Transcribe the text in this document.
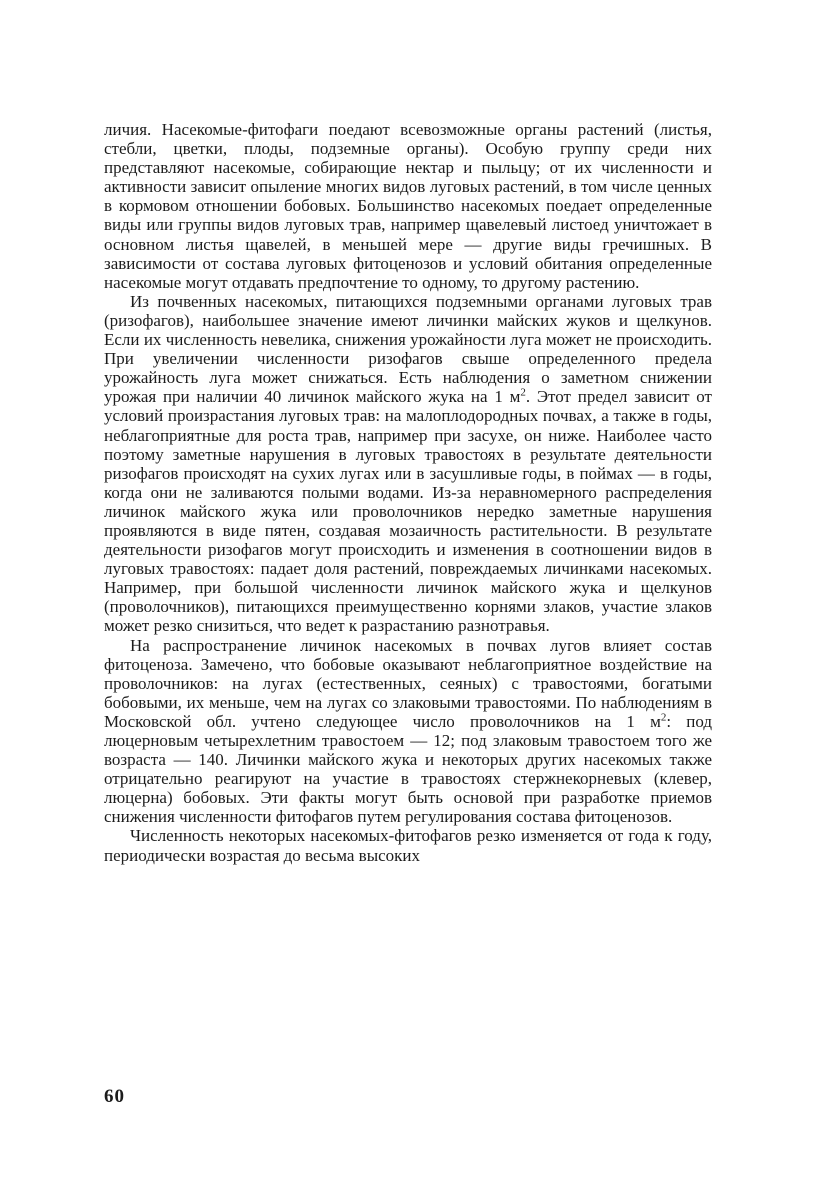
личия. Насекомые-фитофаги поедают всевозможные органы растений (листья, стебли, цветки, плоды, подземные органы). Особую группу среди них представляют насекомые, собирающие нектар и пыльцу; от их численности и активности зависит опыление многих видов луговых растений, в том числе ценных в кормовом отношении бобовых. Большинство насекомых поедает определенные виды или группы видов луговых трав, например щавелевый листоед уничтожает в основном листья щавелей, в меньшей мере — другие виды гречишных. В зависимости от состава луговых фитоценозов и условий обитания определенные насекомые могут отдавать предпочтение то одному, то другому растению.

Из почвенных насекомых, питающихся подземными органами луговых трав (ризофагов), наибольшее значение имеют личинки майских жуков и щелкунов. Если их численность невелика, снижения урожайности луга может не происходить. При увеличении численности ризофагов свыше определенного предела урожайность луга может снижаться. Есть наблюдения о заметном снижении урожая при наличии 40 личинок майского жука на 1 $м^2$. Этот предел зависит от условий произрастания луговых трав: на малоплодородных почвах, а также в годы, неблагоприятные для роста трав, например при засухе, он ниже. Наиболее часто поэтому заметные нарушения в луговых травостоях в результате деятельности ризофагов происходят на сухих лугах или в засушливые годы, в поймах — в годы, когда они не заливаются полыми водами. Из-за неравномерного распределения личинок майского жука или проволочников нередко заметные нарушения проявляются в виде пятен, создавая мозаичность растительности. В результате деятельности ризофагов могут происходить и изменения в соотношении видов в луговых травостоях: падает доля растений, повреждаемых личинками насекомых. Например, при большой численности личинок майского жука и щелкунов (проволочников), питающихся преимущественно корнями злаков, участие злаков может резко снизиться, что ведет к разрастанию разнотравья.

На распространение личинок насекомых в почвах лугов влияет состав фитоценоза. Замечено, что бобовые оказывают неблагоприятное воздействие на проволочников: на лугах (естественных, сеяных) с травостоями, богатыми бобовыми, их меньше, чем на лугах со злаковыми травостоями. По наблюдениям в Московской обл. учтено следующее число проволочников на 1 $м^2$: под люцерновым четырехлетним травостоем — 12; под злаковым травостоем того же возраста — 140. Личинки майского жука и некоторых других насекомых также отрицательно реагируют на участие в травостоях стержнекорневых (клевер, люцерна) бобовых. Эти факты могут быть основой при разработке приемов снижения численности фитофагов путем регулирования состава фитоценозов.

Численность некоторых насекомых-фитофагов резко изменяется от года к году, периодически возрастая до весьма высоких

60
